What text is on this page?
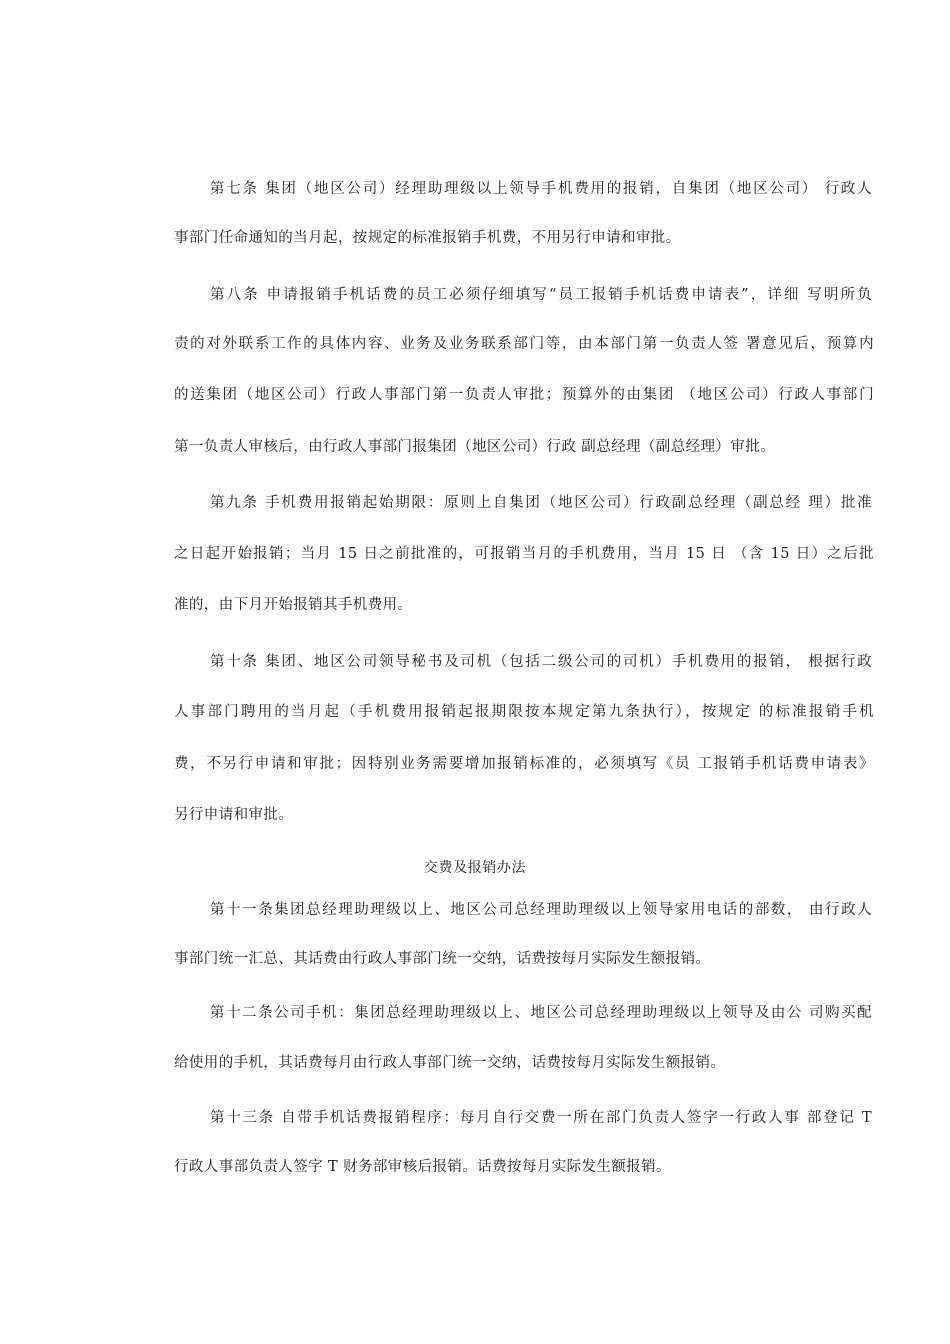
第七条 集团（地区公司）经理助理级以上领导手机费用的报销，自集团（地区公司） 行政人
事部门任命通知的当月起，按规定的标准报销手机费，不用另行申请和审批。
第八条 申请报销手机话费的员工必须仔细填写“员工报销手机话费申请表”，详细 写明所负
责的对外联系工作的具体内容、业务及业务联系部门等，由本部门第一负责人签 署意见后，预算内
的送集团（地区公司）行政人事部门第一负责人审批；预算外的由集团 （地区公司）行政人事部门
第一负责人审核后，由行政人事部门报集团（地区公司）行政 副总经理（副总经理）审批。
第九条 手机费用报销起始期限：原则上自集团（地区公司）行政副总经理（副总经 理）批准
之日起开始报销；当月 15 日之前批准的，可报销当月的手机费用，当月 15 日 （含 15 日）之后批
准的，由下月开始报销其手机费用。
第十条 集团、地区公司领导秘书及司机（包括二级公司的司机）手机费用的报销， 根据行政
人事部门聘用的当月起（手机费用报销起报期限按本规定第九条执行），按规定 的标准报销手机
费，不另行申请和审批；因特别业务需要增加报销标准的，必须填写《员 工报销手机话费申请表》
另行申请和审批。
交费及报销办法
第十一条集团总经理助理级以上、地区公司总经理助理级以上领导家用电话的部数， 由行政人
事部门统一汇总、其话费由行政人事部门统一交纳，话费按每月实际发生额报销。
第十二条公司手机：集团总经理助理级以上、地区公司总经理助理级以上领导及由公 司购买配
给使用的手机，其话费每月由行政人事部门统一交纳，话费按每月实际发生额报销。
第十三条 自带手机话费报销程序：每月自行交费一所在部门负责人签字一行政人事 部登记 T
行政人事部负责人签字 T 财务部审核后报销。话费按每月实际发生额报销。
